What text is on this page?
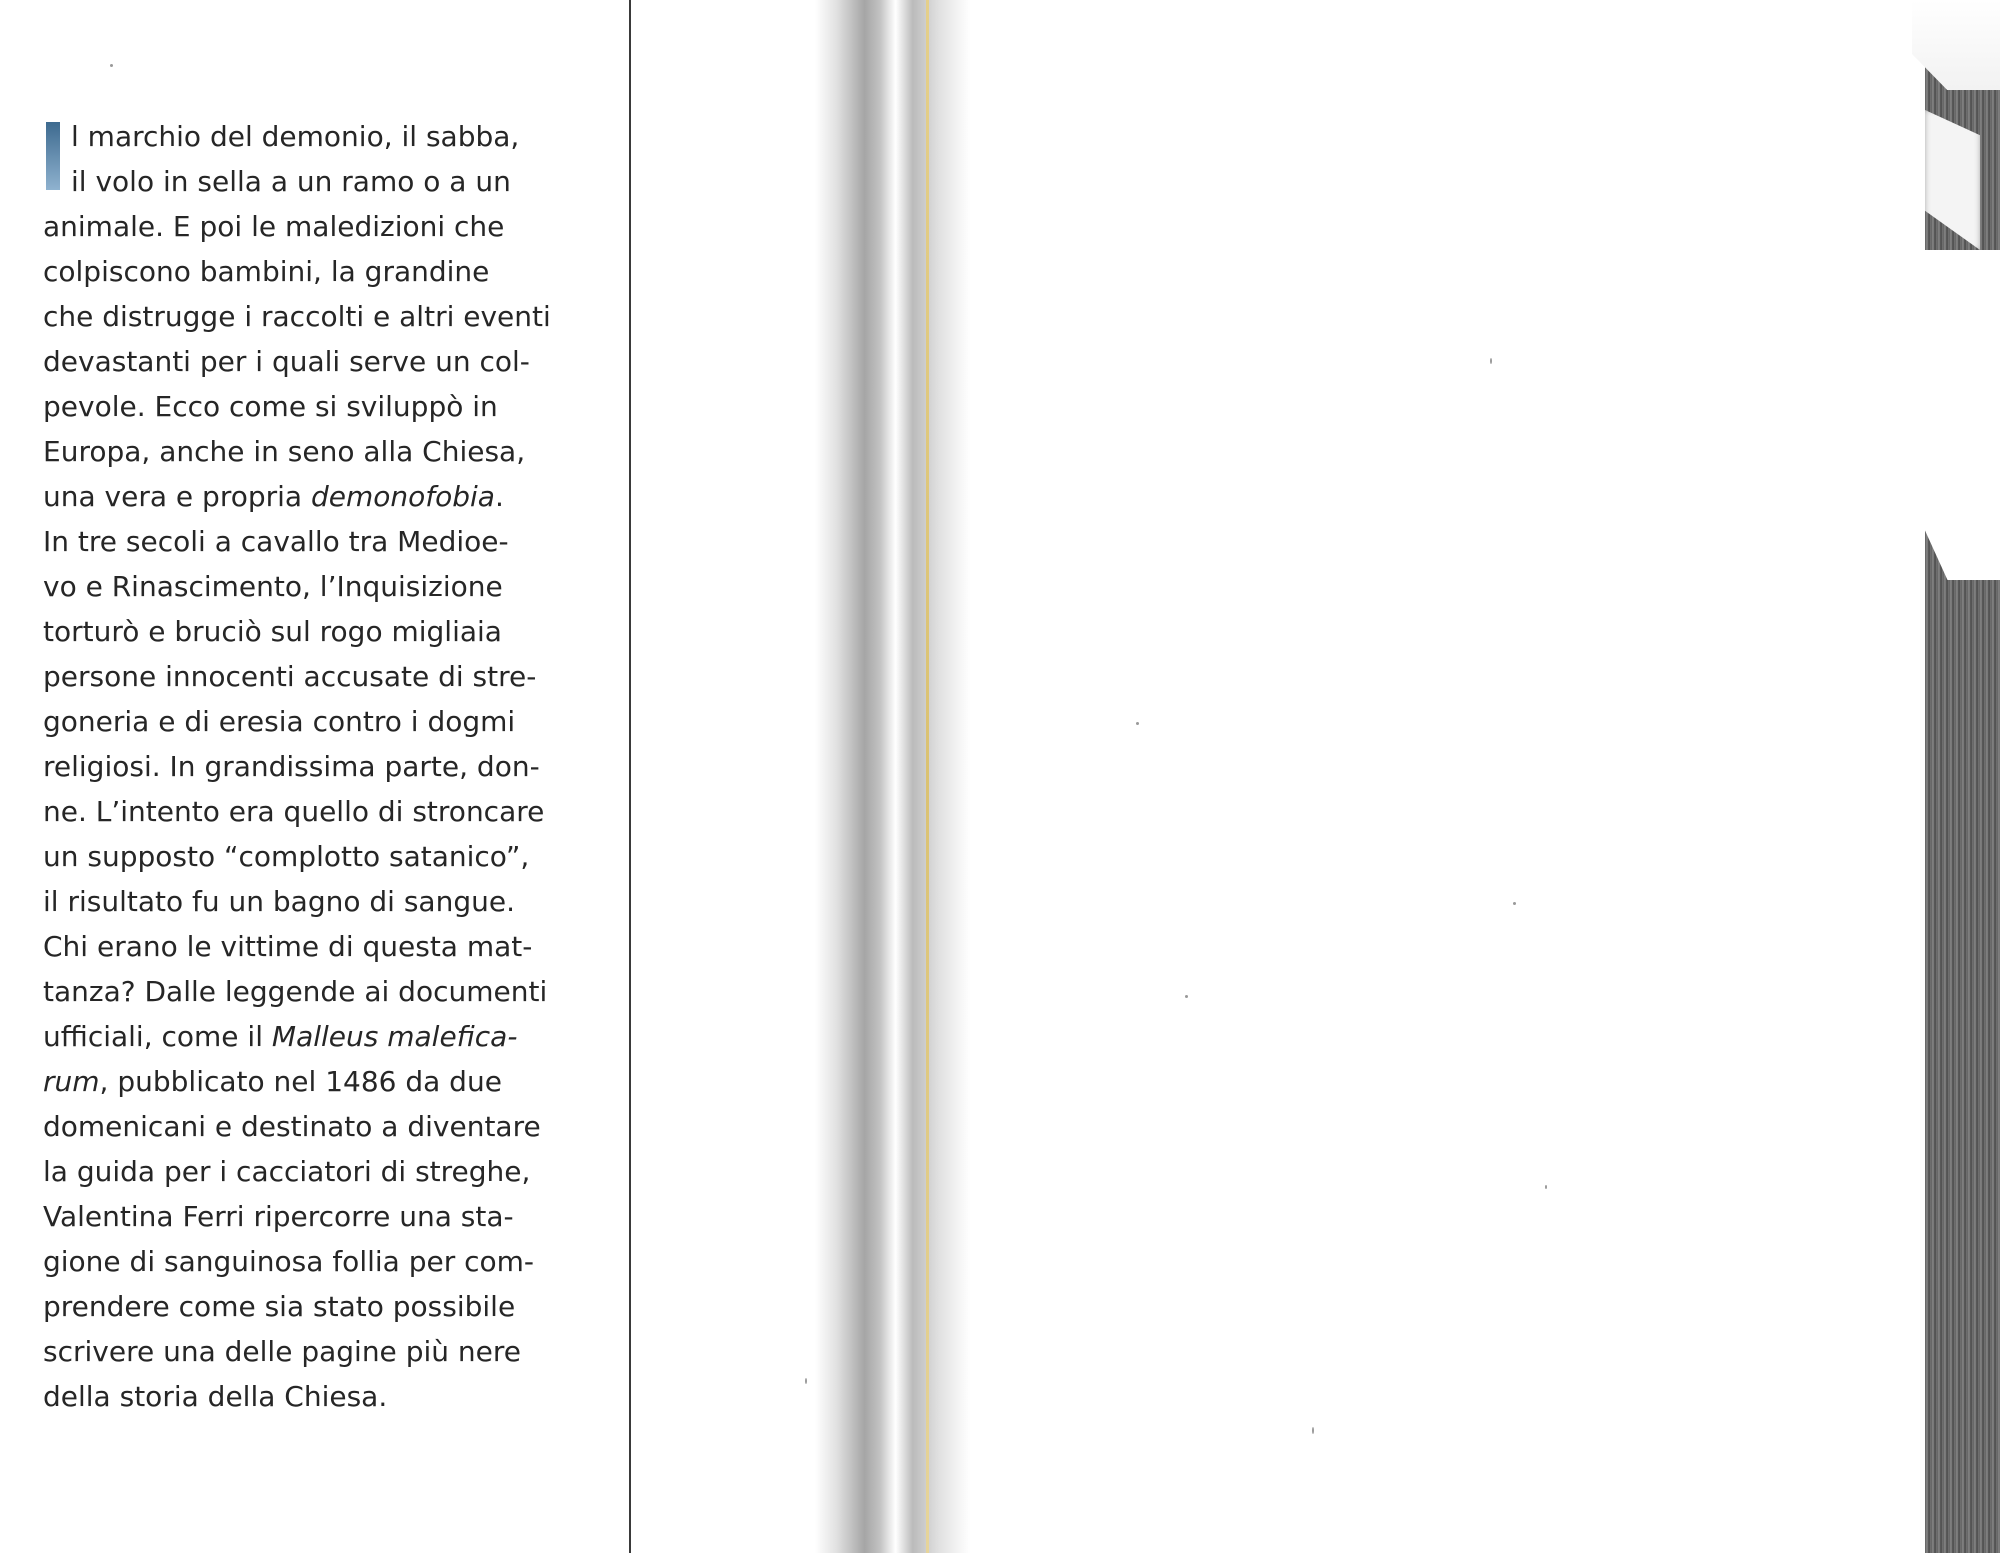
l marchio del demonio, il sabba,
il volo in sella a un ramo o a un
animale. E poi le maledizioni che
colpiscono bambini, la grandine
che distrugge i raccolti e altri eventi
devastanti per i quali serve un col-
pevole. Ecco come si sviluppò in
Europa, anche in seno alla Chiesa,
una vera e propria demonofobia.
In tre secoli a cavallo tra Medioe-
vo e Rinascimento, l’Inquisizione
torturò e bruciò sul rogo migliaia
persone innocenti accusate di stre-
goneria e di eresia contro i dogmi
religiosi. In grandissima parte, don-
ne. L’intento era quello di stroncare
un supposto “complotto satanico”,
il risultato fu un bagno di sangue.
Chi erano le vittime di questa mat-
tanza? Dalle leggende ai documenti
ufficiali, come il Malleus malefica-
rum, pubblicato nel 1486 da due
domenicani e destinato a diventare
la guida per i cacciatori di streghe,
Valentina Ferri ripercorre una sta-
gione di sanguinosa follia per com-
prendere come sia stato possibile
scrivere una delle pagine più nere
della storia della Chiesa.
